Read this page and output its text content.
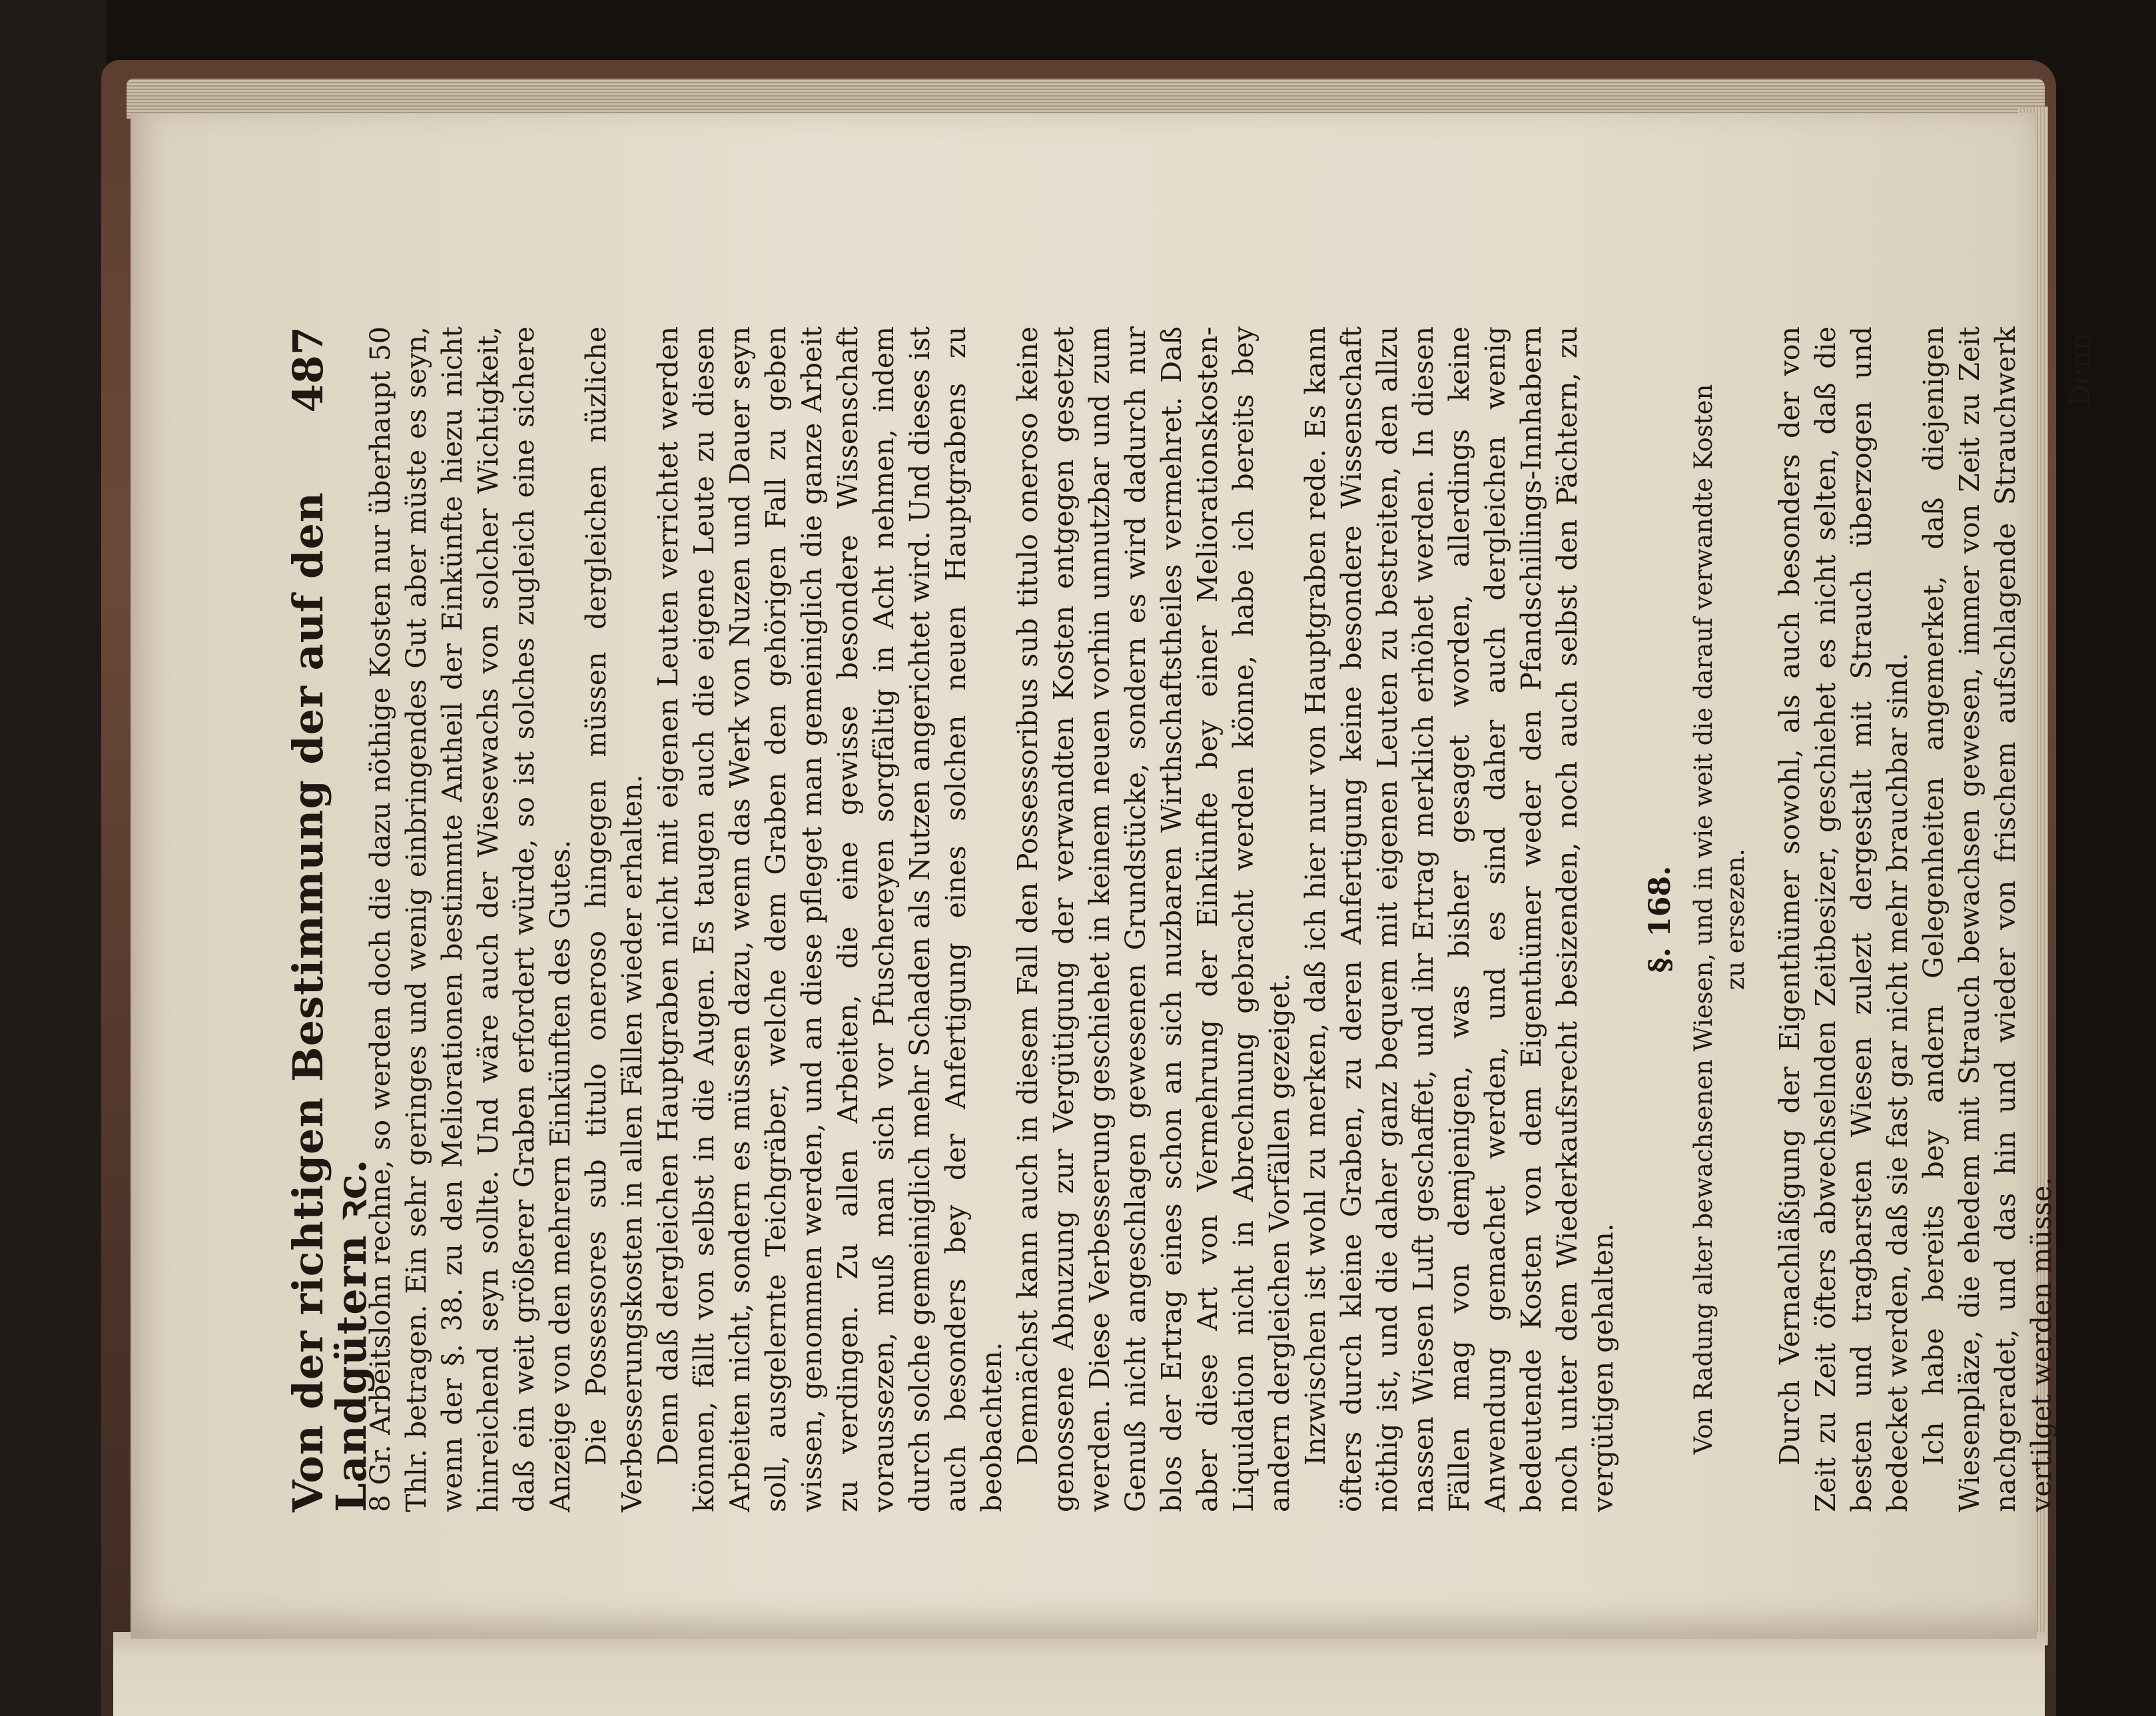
Von der richtigen Bestimmung der auf den Landgütern ꝛc.
487 8 Gr. Arbeitslohn rechne, so werden doch die dazu nöthige Kosten nur überhaupt 50 Thlr. betragen. Ein sehr geringes und wenig einbringendes Gut aber müste es seyn, wenn der §. 38. zu den Meliorationen bestimmte Antheil der Einkünfte hiezu nicht hinreichend seyn sollte. Und wäre auch der Wiesewachs von solcher Wichtigkeit, daß ein weit größerer Graben erfordert würde, so ist solches zugleich eine sichere Anzeige von den mehrern Einkünften des Gutes. Die Possessores sub titulo oneroso hingegen müssen dergleichen nüzliche Verbesserungskosten in allen Fällen wieder erhalten. Denn daß dergleichen Hauptgraben nicht mit eigenen Leuten verrichtet werden können, fällt von selbst in die Augen. Es taugen auch die eigene Leute zu diesen Arbeiten nicht, sondern es müssen dazu, wenn das Werk von Nuzen und Dauer seyn soll, ausgelernte Teichgräber, welche dem Graben den gehörigen Fall zu geben wissen, genommen werden, und an diese pfleget man gemeiniglich die ganze Arbeit zu verdingen. Zu allen Arbeiten, die eine gewisse besondere Wissenschaft voraussezen, muß man sich vor Pfuschereyen sorgfältig in Acht nehmen, indem durch solche gemeiniglich mehr Schaden als Nutzen angerichtet wird. Und dieses ist auch besonders bey der Anfertigung eines solchen neuen Hauptgrabens zu beobachten. Demnächst kann auch in diesem Fall den Possessoribus sub titulo oneroso keine genossene Abnuzung zur Vergütigung der verwandten Kosten entgegen gesetzet werden. Diese Verbesserung geschiehet in keinem neuen vorhin unnutzbar und zum Genuß nicht angeschlagen gewesenen Grundstücke, sondern es wird dadurch nur blos der Ertrag eines schon an sich nuzbaren Wirthschaftstheiles vermehret. Daß aber diese Art von Vermehrung der Einkünfte bey einer Meliorationskosten-Liquidation nicht in Abrechnung gebracht werden könne, habe ich bereits bey andern dergleichen Vorfällen gezeiget. Inzwischen ist wohl zu merken, daß ich hier nur von Hauptgraben rede. Es kann öfters durch kleine Graben, zu deren Anfertigung keine besondere Wissenschaft nöthig ist, und die daher ganz bequem mit eigenen Leuten zu bestreiten, den allzu nassen Wiesen Luft geschaffet, und ihr Ertrag merklich erhöhet werden. In diesen Fällen mag von demjenigen, was bisher gesaget worden, allerdings keine Anwendung gemachet werden, und es sind daher auch dergleichen wenig bedeutende Kosten von dem Eigenthümer weder den Pfandschillings-Innhabern noch unter dem Wiederkaufsrecht besizenden, noch auch selbst den Pächtern, zu vergütigen gehalten.

§. 168. Von Radung alter bewachsenen Wiesen, und in wie weit die darauf verwandte Kosten zu ersezen. Durch Vernachläßigung der Eigenthümer sowohl, als auch besonders der von Zeit zu Zeit öfters abwechselnden Zeitbesizer, geschiehet es nicht selten, daß die besten und tragbarsten Wiesen zulezt dergestalt mit Strauch überzogen und bedecket werden, daß sie fast gar nicht mehr brauchbar sind. Ich habe bereits bey andern Gelegenheiten angemerket, daß diejenigen Wiesenpläze, die ehedem mit Strauch bewachsen gewesen, immer von Zeit zu Zeit nachgeradet, und das hin und wieder von frischem aufschlagende Strauchwerk vertilget werden müsse.

Denn
